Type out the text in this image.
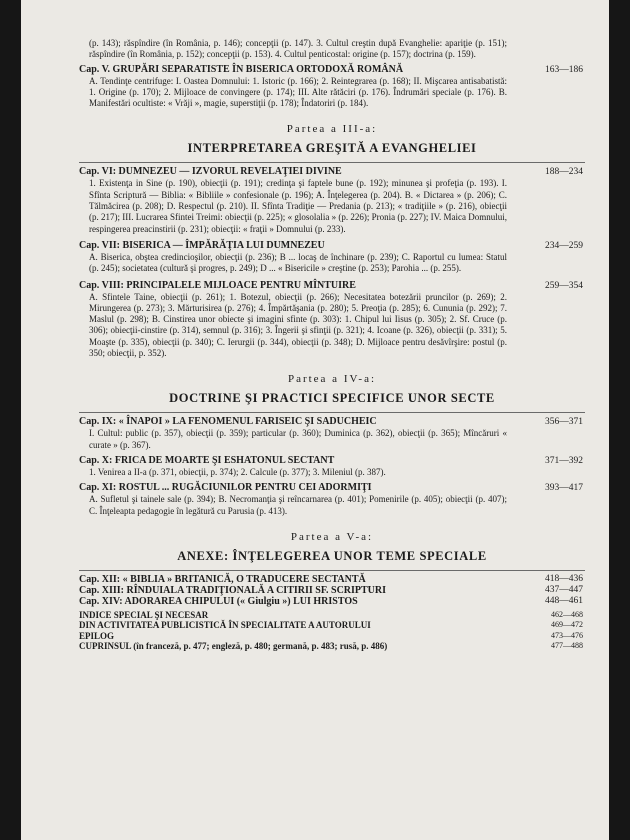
(p. 143); răspîndire (în România, p. 146); concepţii (p. 147). 3. Cultul creştin după Evanghelie: apariţie (p. 151); răspîndire (în România, p. 152); concepţii (p. 153). 4. Cultul penticostal: origine (p. 157); doctrina (p. 159).

Cap. V. GRUPĂRI SEPARATISTE ÎN BISERICA ORTODOXĂ ROMÂNĂ	163—186

A. Tendinţe centrifuge: I. Oastea Domnului: 1. Istoric (p. 166); 2. Reintegrarea (p. 168); II. Mişcarea antisabatistă: 1. Origine (p. 170); 2. Mijloace de convingere (p. 174); III. Alte rătăciri (p. 176). Îndrumări speciale (p. 176). B. Manifestări ocultiste: « Vrăji », magie, superstiţii (p. 178); Îndatoriri (p. 184).

Partea a III-a:
INTERPRETAREA GREŞITĂ A EVANGHELIEI
Cap. VI: DUMNEZEU — IZVORUL REVELAŢIEI DIVINE	188—234

1. Existenţa in Sine (p. 190), obiecţii (p. 191); credinţa şi faptele bune (p. 192); minunea şi profeţia (p. 193). I. Sfînta Scriptură — Biblia: « Bibliile » confesionale (p. 196); A. Înţelegerea (p. 204). B. « Dictarea » (p. 206); C. Tălmăcirea (p. 208); D. Respectul (p. 210). II. Sfînta Tradiţie — Predania (p. 213); « tradiţiile » (p. 216), obiecţii (p. 217); III. Lucrarea Sfintei Treimi: obiecţii (p. 225); « glosolalia » (p. 226); Pronia (p. 227); IV. Maica Domnului, respingerea preacinstirii (p. 231); obiecţii: « fraţii » Domnului (p. 233).

Cap. VII: BISERICA — ÎMPĂRĂŢIA LUI DUMNEZEU	234—259

A. Biserica, obştea credincioşilor, obiecţii (p. 236); B ... locaş de închinare (p. 239); C. Raportul cu lumea: Statul (p. 245); societatea (culturǎ şi progres, p. 249); D ... « Bisericile » creştine (p. 253); Parohia ... (p. 255).

Cap. VIII: PRINCIPALELE MIJLOACE PENTRU MÎNTUIRE	259—354

A. Sfintele Taine, obiecţii (p. 261); 1. Botezul, obiecţii (p. 266); Necesitatea botezării pruncilor (p. 269); 2. Mirungerea (p. 273); 3. Mărturisirea (p. 276); 4. Împărtăşania (p. 280); 5. Preoţia (p. 285); 6. Cununia (p. 292); 7. Maslul (p. 298); B. Cinstirea unor obiecte şi imagini sfinte (p. 303): 1. Chipul lui Iisus (p. 305); 2. Sf. Cruce (p. 306); obiecţii-cinstire (p. 314), semnul (p. 316); 3. Îngerii şi sfinţii (p. 321); 4. Icoane (p. 326), obiecţii (p. 331); 5. Moaşte (p. 335), obiecţii (p. 340); C. Ierurgii (p. 344), obiecţii (p. 348); D. Mijloace pentru desăvîrşire: postul (p. 350; obiecţii, p. 352).

Partea a IV-a:
DOCTRINE ŞI PRACTICI SPECIFICE UNOR SECTE
Cap. IX: « ÎNAPOI » LA FENOMENUL FARISEIC ŞI SADUCHEIC	356—371

I. Cultul: public (p. 357), obiecţii (p. 359); particular (p. 360); Duminica (p. 362), obiecţii (p. 365); Mîncăruri « curate » (p. 367).

Cap. X: FRICA DE MOARTE ŞI ESHATONUL SECTANT	371—392

1. Venirea a II-a (p. 371, obiecţii, p. 374); 2. Calcule (p. 377); 3. Mileniul (p. 387).

Cap. XI: ROSTUL ... RUGĂCIUNILOR PENTRU CEI ADORMIŢI	393—417

A. Sufletul şi tainele sale (p. 394); B. Necromanţia şi reîncarnarea (p. 401); Pomenirile (p. 405); obiecţii (p. 407); C. Înţeleapta pedagogie în legătură cu Parusia (p. 413).

Partea a V-a:
ANEXE: ÎNŢELEGEREA UNOR TEME SPECIALE
Cap. XII: « BIBLIA » BRITANICĂ, O TRADUCERE SECTANTĂ	418—436
Cap. XIII: RÎNDUIALA TRADIŢIONALĂ A CITIRII SF. SCRIPTURI	437—447
Cap. XIV: ADORAREA CHIPULUI (« Giulgiu ») LUI HRISTOS	448—461
INDICE SPECIAL ŞI NECESAR	462—468
DIN ACTIVITATEA PUBLICISTICĂ ÎN SPECIALITATE A AUTORULUI	469—472
EPILOG	473—476
CUPRINSUL (în franceză, p. 477; engleză, p. 480; germană, p. 483; rusă, p. 486)	477—488
